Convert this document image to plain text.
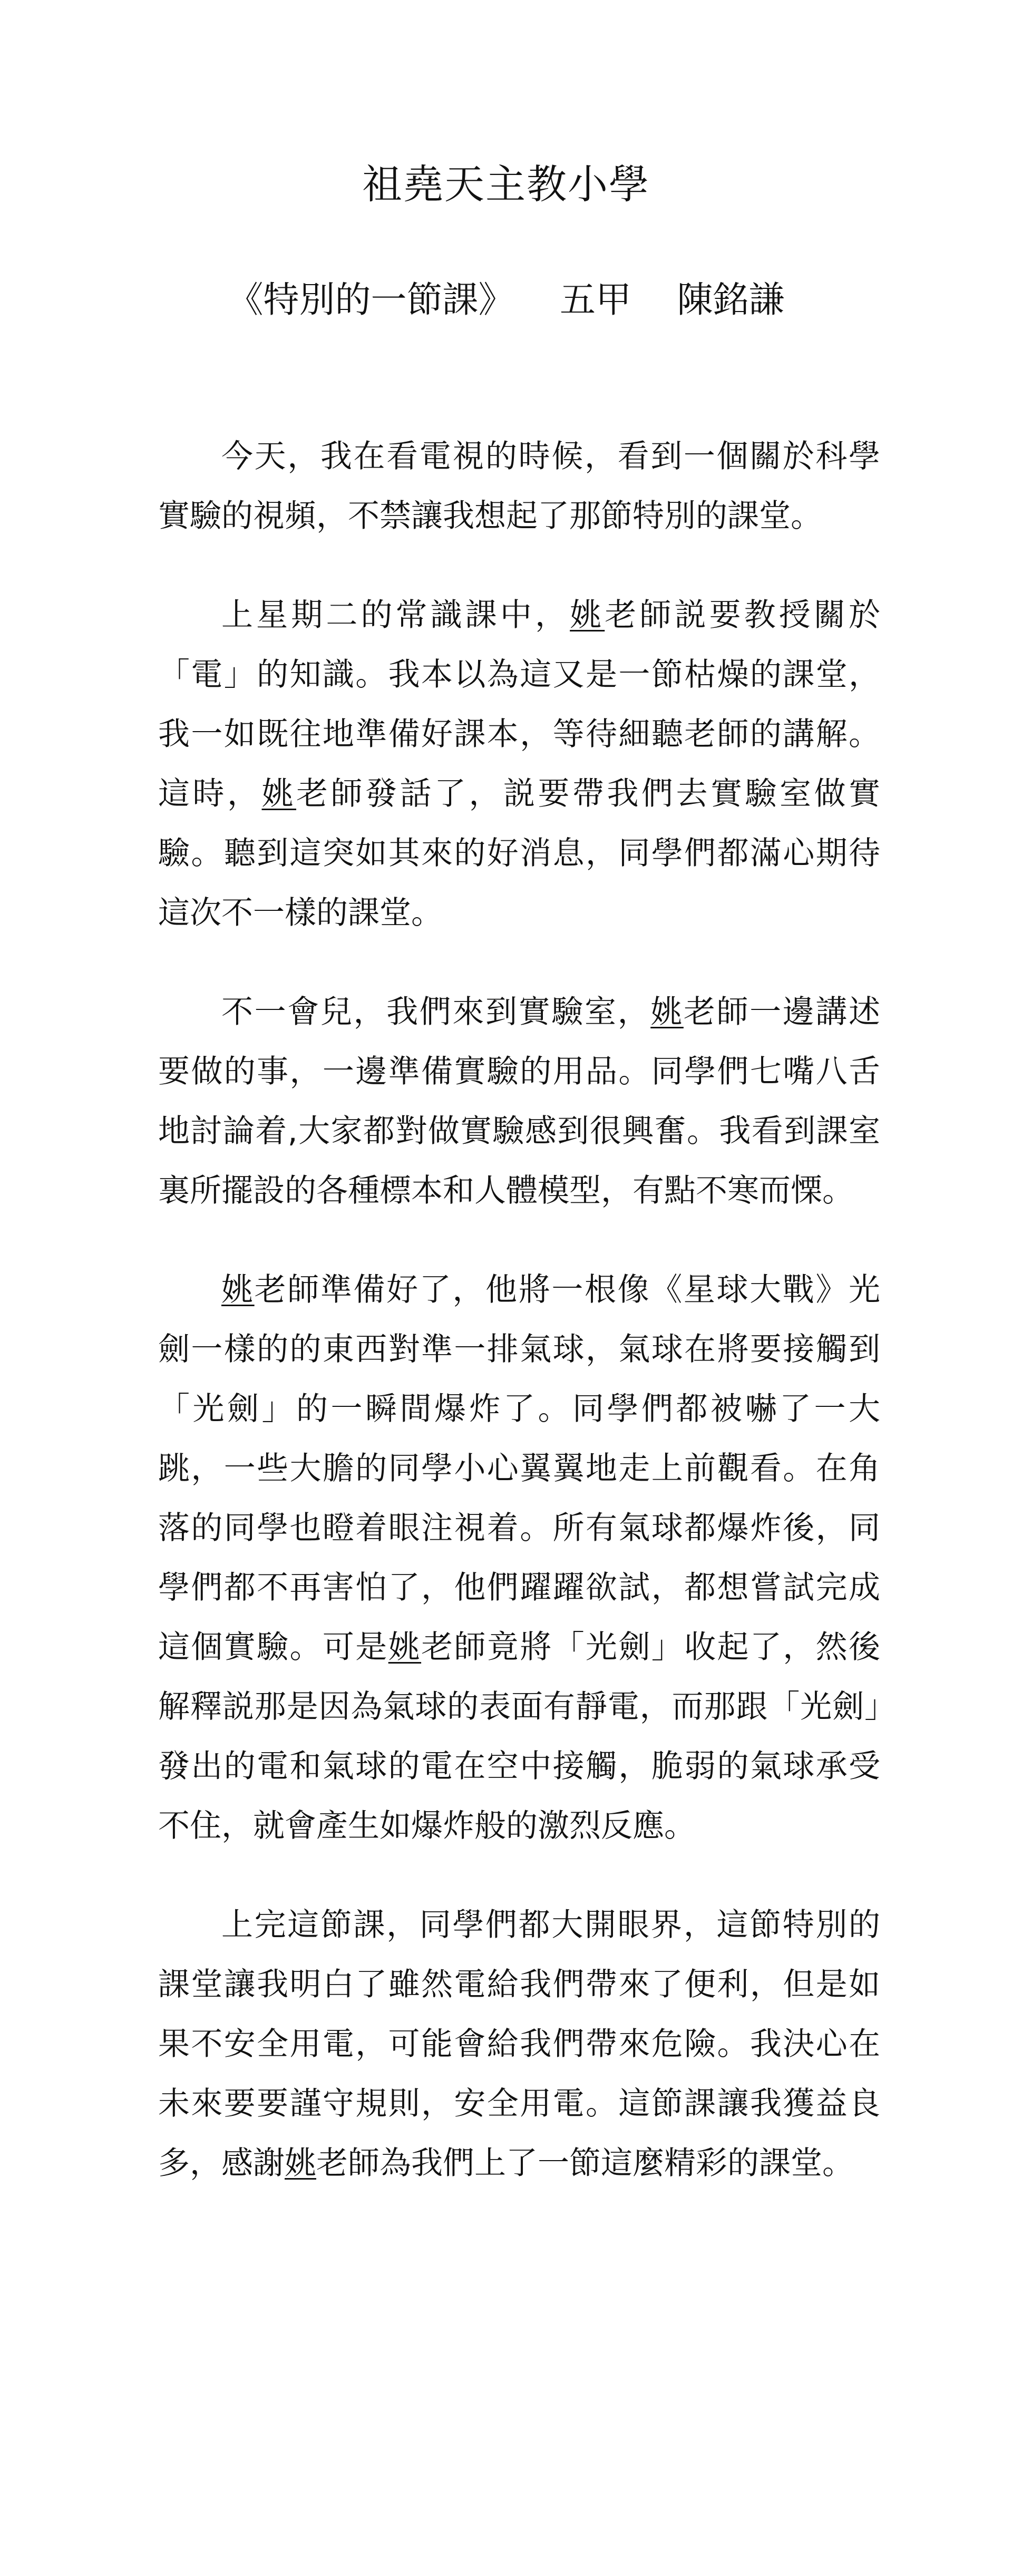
祖堯天主教小學
《特別的一節課》    五甲    陳銘謙

今天，我在看電視的時候，看到一個關於科學實驗的視頻，不禁讓我想起了那節特別的課堂。

上星期二的常識課中，姚老師説要教授關於「電」的知識。我本以為這又是一節枯燥的課堂，我一如既往地準備好課本，等待細聽老師的講解。這時，姚老師發話了，説要帶我們去實驗室做實驗。聽到這突如其來的好消息，同學們都滿心期待這次不一樣的課堂。

不一會兒，我們來到實驗室，姚老師一邊講述要做的事，一邊準備實驗的用品。同學們七嘴八舌地討論着,大家都對做實驗感到很興奮。我看到課室裏所擺設的各種標本和人體模型，有點不寒而慄。

姚老師準備好了，他將一根像《星球大戰》光劍一樣的的東西對準一排氣球，氣球在將要接觸到「光劍」的一瞬間爆炸了。同學們都被嚇了一大跳，一些大膽的同學小心翼翼地走上前觀看。在角落的同學也瞪着眼注視着。所有氣球都爆炸後，同學們都不再害怕了，他們躍躍欲試，都想嘗試完成這個實驗。可是姚老師竟將「光劍」收起了，然後解釋説那是因為氣球的表面有靜電，而那跟「光劍」發出的電和氣球的電在空中接觸，脆弱的氣球承受不住，就會產生如爆炸般的激烈反應。

上完這節課，同學們都大開眼界，這節特別的課堂讓我明白了雖然電給我們帶來了便利，但是如果不安全用電，可能會給我們帶來危險。我決心在未來要要謹守規則，安全用電。這節課讓我獲益良多，感謝姚老師為我們上了一節這麼精彩的課堂。
